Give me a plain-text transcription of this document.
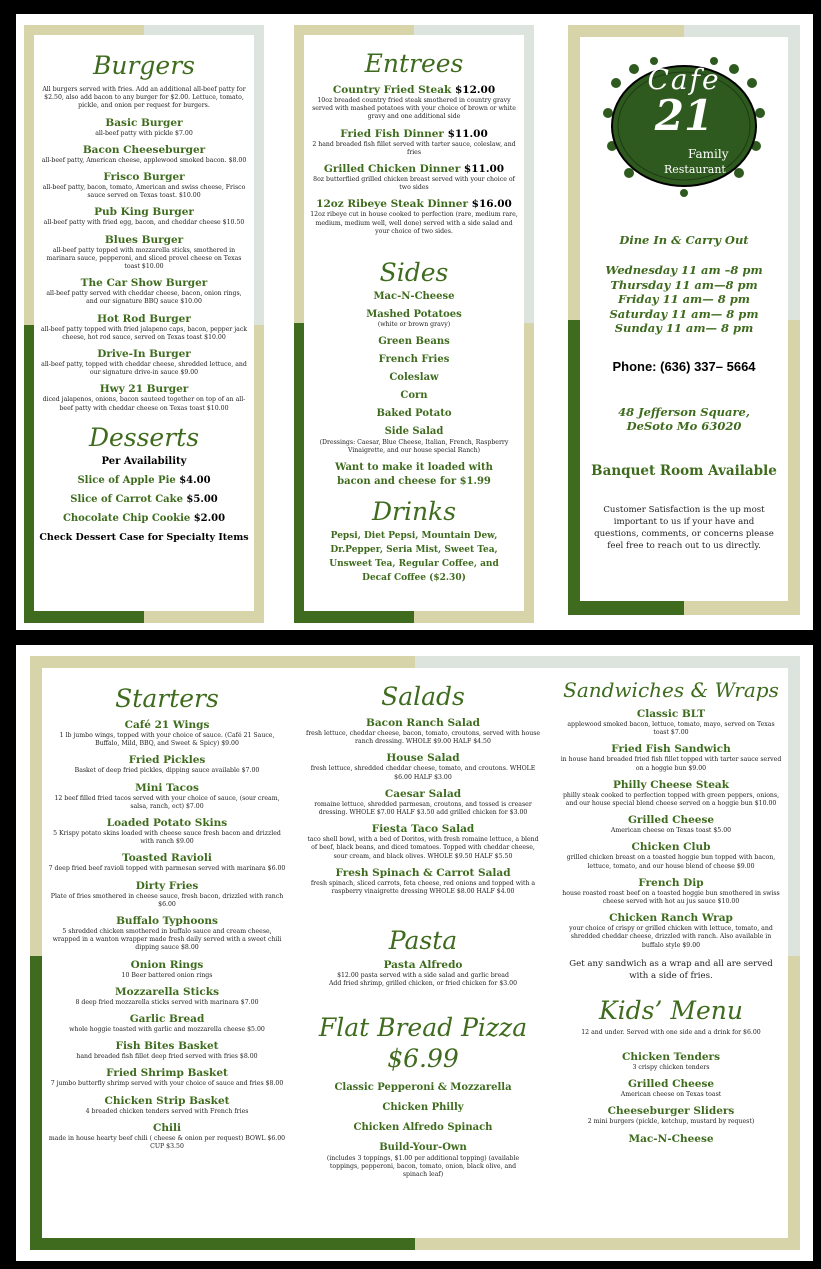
Burgers
All burgers served with fries. Add an additional all-beef patty for $2.50, also add bacon to any burger for $2.00. Lettuce, tomato, pickle, and onion per request for burgers.
Basic Burger
all-beef patty with pickle $7.00
Bacon Cheeseburger
all-beef patty, American cheese, applewood smoked bacon. $8.00
Frisco Burger
all-beef patty, bacon, tomato, American and swiss cheese, Frisco sauce served on Texas toast. $10.00
Pub King Burger
all-beef patty with fried egg, bacon, and cheddar cheese $10.50
Blues Burger
all-beef patty topped with mozzarella sticks, smothered in marinara sauce, pepperoni, and sliced provel cheese on Texas toast $10.00
The Car Show Burger
all-beef patty served with cheddar cheese, bacon, onion rings, and our signature BBQ sauce $10.00
Hot Rod Burger
all-beef patty topped with fried jalapeno caps, bacon, pepper jack cheese, hot rod sauce, served on Texas toast $10.00
Drive-In Burger
all-beef patty, topped with cheddar cheese, shredded lettuce, and our signature drive-in sauce $9.00
Hwy 21 Burger
diced jalapenos, onions, bacon sauteed together on top of an all-beef patty with cheddar cheese on Texas toast $10.00
Desserts
Per Availability
Slice of Apple Pie $4.00
Slice of Carrot Cake $5.00
Chocolate Chip Cookie $2.00
Check Dessert Case for Specialty Items
Entrees
Country Fried Steak $12.00
10oz breaded country fried steak smothered in country gravy served with mashed potatoes with your choice of brown or white gravy and one additional side
Fried Fish Dinner $11.00
2 hand breaded fish fillet served with tarter sauce, coleslaw, and fries
Grilled Chicken Dinner $11.00
8oz butterflied grilled chicken breast served with your choice of two sides
12oz Ribeye Steak Dinner $16.00
12oz ribeye cut in house cooked to perfection (rare, medium rare, medium, medium well, well done) served with a side salad and your choice of two sides.
Sides
Mac-N-Cheese
Mashed Potatoes
(white or brown gravy)
Green Beans
French Fries
Coleslaw
Corn
Baked Potato
Side Salad
(Dressings: Caesar, Blue Cheese, Italian, French, Raspberry Vinaigrette, and our house special Ranch)
Want to make it loaded with bacon and cheese for $1.99
Drinks
Pepsi, Diet Pepsi, Mountain Dew, Dr.Pepper, Seria Mist, Sweet Tea, Unsweet Tea, Regular Coffee, and Decaf Coffee ($2.30)
Cafe
21
Family
Restaurant
Dine In & Carry Out
Wednesday 11 am –8 pm
Thursday 11 am—8 pm
Friday 11 am— 8 pm
Saturday 11 am— 8 pm
Sunday 11 am— 8 pm
Phone: (636) 337– 5664
48 Jefferson Square,
DeSoto Mo 63020
Banquet Room Available
Customer Satisfaction is the up most important to us if your have and questions, comments, or concerns please feel free to reach out to us directly.
Starters
Café 21 Wings
1 lb jumbo wings, topped with your choice of sauce. (Café 21 Sauce, Buffalo, Mild, BBQ, and Sweet & Spicy) $9.00
Fried Pickles
Basket of deep fried pickles, dipping sauce available $7.00
Mini Tacos
12 beef filled fried tacos served with your choice of sauce, (sour cream, salsa, ranch, ect) $7.00
Loaded Potato Skins
5 Krispy potato skins loaded with cheese sauce fresh bacon and drizzled with ranch $9.00
Toasted Ravioli
7 deep fried beef ravioli topped with parmesan served with marinara $6.00
Dirty Fries
Plate of fries smothered in cheese sauce, fresh bacon, drizzled with ranch $6.00
Buffalo Typhoons
5 shredded chicken smothered in buffalo sauce and cream cheese, wrapped in a wanton wrapper made fresh daily served with a sweet chili dipping sauce $8.00
Onion Rings
10 Beer battered onion rings
Mozzarella Sticks
8 deep fried mozzarella sticks served with marinara $7.00
Garlic Bread
whole hoggie toasted with garlic and mozzarella cheese $5.00
Fish Bites Basket
hand breaded fish fillet deep fried served with fries $8.00
Fried Shrimp Basket
7 jumbo butterfly shrimp served with your choice of sauce and fries $8.00
Chicken Strip Basket
4 breaded chicken tenders served with French fries
Chili
made in house hearty beef chili ( cheese & onion per request) BOWL $6.00 CUP $3.50
Salads
Bacon Ranch Salad
fresh lettuce, cheddar cheese, bacon, tomato, croutons, served with house ranch dressing. WHOLE $9.00 HALF $4.50
House Salad
fresh lettuce, shredded cheddar cheese, tomato, and croutons. WHOLE $6.00 HALF $3.00
Caesar Salad
romaine lettuce, shredded parmesan, croutons, and tossed is creaser dressing. WHOLE $7.00 HALF $3.50 add grilled chicken for $3.00
Fiesta Taco Salad
taco shell bowl, with a bed of Doritos, with fresh romaine lettuce, a blend of beef, black beans, and diced tomatoes. Topped with cheddar cheese, sour cream, and black olives. WHOLE $9.50 HALF $5.50
Fresh Spinach & Carrot Salad
fresh spinach, sliced carrots, feta cheese, red onions and topped with a raspberry vinaigrette dressing WHOLE $8.00 HALF $4.00
Pasta
Pasta Alfredo
$12.00 pasta served with a side salad and garlic bread
Add fried shrimp, grilled chicken, or fried chicken for $3.00
Flat Bread Pizza
$6.99
Classic Pepperoni & Mozzarella
Chicken Philly
Chicken Alfredo Spinach
Build-Your-Own
(includes 3 toppings, $1.00 per additional topping) (available toppings, pepperoni, bacon, tomato, onion, black olive, and spinach leaf)
Sandwiches & Wraps
Classic BLT
applewood smoked bacon, lettuce, tomato, mayo, served on Texas toast $7.00
Fried Fish Sandwich
in house hand breaded fried fish fillet topped with tarter sauce served on a hoggie bun $9.00
Philly Cheese Steak
philly steak cooked to perfection topped with green peppers, onions, and our house special blend cheese served on a hoggie bun $10.00
Grilled Cheese
American cheese on Texas toast $5.00
Chicken Club
grilled chicken breast on a toasted hoggie bun topped with bacon, lettuce, tomato, and our house blend of cheese $9.00
French Dip
house roasted roast beef on a toasted hoggie bun smothered in swiss cheese served with hot au jus sauce $10.00
Chicken Ranch Wrap
your choice of crispy or grilled chicken with lettuce, tomato, and shredded cheddar cheese, drizzled with ranch. Also available in buffalo style $9.00
Get any sandwich as a wrap and all are served with a side of fries.
Kids’ Menu
12 and under. Served with one side and a drink for $6.00
Chicken Tenders
3 crispy chicken tenders
Grilled Cheese
American cheese on Texas toast
Cheeseburger Sliders
2 mini burgers (pickle, ketchup, mustard by request)
Mac-N-Cheese
